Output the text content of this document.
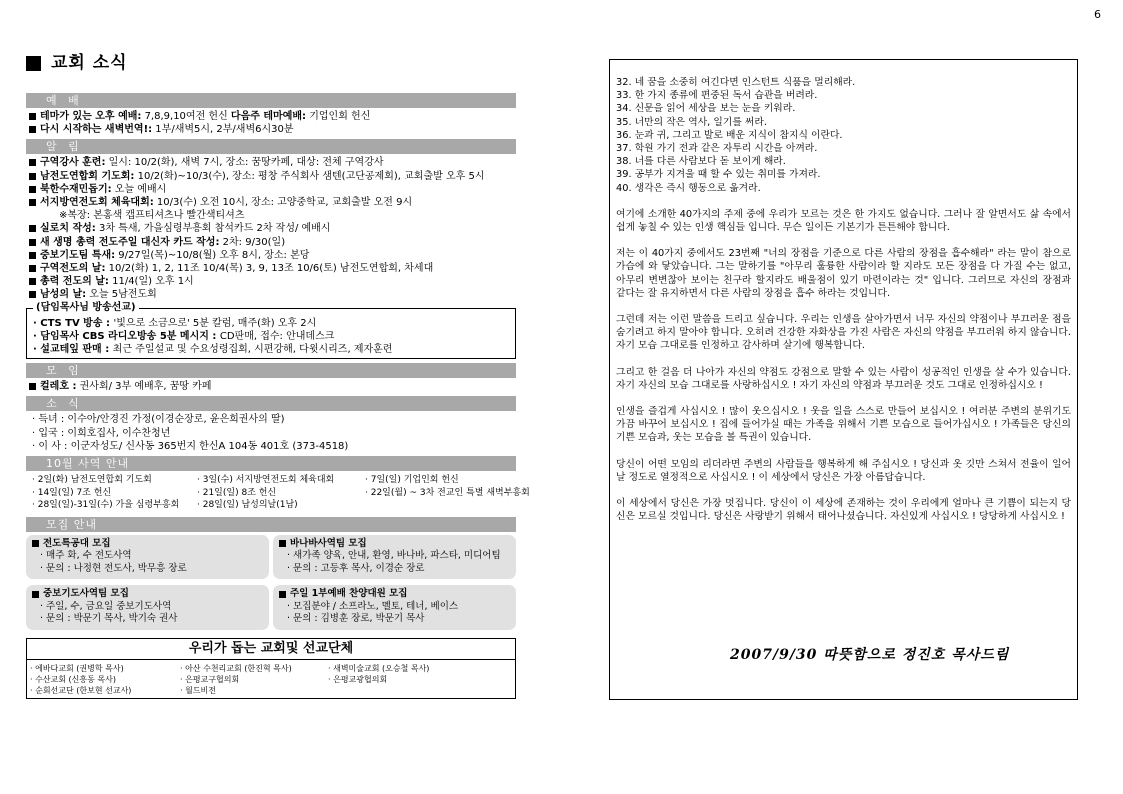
6
교회 소식
예 배
테마가 있는 오후 예배: 7,8,9,10여전 헌신 다음주 테마예배: 기업인회 헌신
다시 시작하는 새벽번역!: 1부/새벽5시, 2부/새벽6시30분
알 림
구역강사 훈련: 일시: 10/2(화), 새벽 7시, 장소: 꿈땅카페, 대상: 전체 구역강사
남전도연합회 기도회: 10/2(화)~10/3(수), 장소: 평창 주식회사 샘텐(고단공제회), 교회출발 오후 5시
북한수재민돕기: 오늘 예배시
서지방연전도회 체육대회: 10/3(수) 오전 10시, 장소: 고양중학교, 교회출발 오전 9시
※복장: 본홍색 캡프티셔츠나 빨간색티셔츠
실로치 작성: 3차 특새, 가을심령부흥회 참석카드 2차 작성/ 예배시
새 생명 총력 전도주일 대신자 카드 작성: 2차: 9/30(일)
중보기도팀 특새: 9/27일(목)~10/8(월) 오후 8시, 장소: 본당
구역전도의 날: 10/2(화) 1, 2, 11조 10/4(목) 3, 9, 13조 10/6(토) 남전도연합회, 차세대
총력 전도의 날: 11/4(일) 오후 1시
남성의 날: 오늘 5남전도회
(담임목사님 방송선교)
· CTS TV 방송 : '빛으로 소금으로' 5분 칼럼, 매주(화) 오후 2시
· 담임목사 CBS 라디오방송 5분 메시지 : CD판매, 접수: 안내데스크
· 설교테잎 판매 : 최근 주일설교 및 수요성령집회, 시편강해, 다윗시리즈, 제자훈련
모 임
컬레호 : 권사회/ 3부 예배후, 꿈땅 카페
소 식
· 득녀 : 이수아/안경진 가정(이경순장로, 윤은희권사의 딸)
· 입국 : 이희호집사, 이수찬청년
· 이 사 : 이군자성도/ 신사동 365번지 한신A 104동 401호 (373-4518)
10월 사역 안내
· 2일(화) 남전도연합회 기도회	· 3일(수) 서지방연전도회 체육대회	· 7일(일) 기업인회 헌신
· 14일(일) 7조 헌신	· 21일(일) 8조 헌신	· 22일(월) ~ 3차 전교인 특별 새벽부흥회
· 28일(일)-31일(수) 가을 심령부흥회	· 28일(일) 남성의날(1남)
모집 안내
전도특공대 모집
· 매주 화, 수 전도사역
· 문의 : 나정현 전도사, 박무흥 장로
바나바사역팀 모집
· 새가족 양육, 안내, 환영, 바나바, 파스타, 미디어팀
· 문의 : 고등후 목사, 이경순 장로
중보기도사역팀 모집
· 주일, 수, 금요일 중보기도사역
· 문의 : 박문기 목사, 박기숙 권사
주일 1부예배 찬양대원 모집
· 모집분야 / 소프라노, 멜토, 테너, 베이스
· 문의 : 김병훈 장로, 박문기 목사
우리가 돕는 교회및 선교단체
· 에바다교회 (권병학 목사)	· 아산 수천리교회 (한진혁 목사)	· 새벽미술교회 (오승철 목사)
· 수산교회 (신흥동 목사)	· 은평교구협의회	· 은평교광협의회
· 순회선교단 (한보현 선교사)	· 월드비전
32. 네 꿈을 소중히 여긴다면 인스턴트 식품을 멀리해라.
33. 한 가지 종류에 편중된 독서 습관을 버려라.
34. 신문을 읽어 세상을 보는 눈을 키워라.
35. 너만의 작은 역사, 일기를 써라.
36. 눈과 귀, 그리고 발로 배운 지식이 참지식 이란다.
37. 학원 가기 전과 같은 자투리 시간을 아껴라.
38. 너를 다른 사람보다 돋 보이게 해라.
39. 공부가 지겨울 때 할 수 있는 취미를 가져라.
40. 생각은 즉시 행동으로 옮겨라.

여기에 소개한 40가지의 주제 중에 우리가 모르는 것은 한 가지도 없습니다. 그러나 잘 알면서도 삶 속에서 쉽게 놓칠 수 있는 인생 핵심들 입니다. 무슨 일이든 기본기가 튼튼해야 합니다.

저는 이 40가지 중에서도 23번째 "너의 장점을 기준으로 다른 사람의 장점을 흡수해라" 라는 말이 참으로 가슴에 와 닿았습니다. 그는 말하기를 "아무리 훌륭한 사람이라 할 지라도 모든 장점을 다 가질 수는 없고, 아무리 변변찮아 보이는 친구라 할지라도 배울점이 있기 마련이라는 것" 입니다. 그러므로 자신의 장점과 같다는 잘 유지하면서 다른 사람의 장점을 흡수 하라는 것입니다.

그런데 저는 이런 말씀을 드리고 싶습니다. 우리는 인생을 살아가면서 너무 자신의 약점이나 부끄러운 점을 숨기려고 하지 말아야 합니다. 오히려 건강한 자화상을 가진 사람은 자신의 약점을 부끄러워 하지 않습니다. 자기 모습 그대로를 인정하고 감사하며 살기에 행복합니다.

그리고 한 걸음 더 나아가 자신의 약점도 강점으로 말할 수 있는 사람이 성공적인 인생을 살 수가 있습니다. 자기 자신의 모습 그대로를 사랑하십시오 ! 자기 자신의 약점과 부끄러운 것도 그대로 인정하십시오 !

인생을 즐겁게 사십시오 ! 많이 웃으십시오 ! 웃을 일을 스스로 만들어 보십시오 ! 여러분 주변의 분위기도 가끔 바꾸어 보십시오 ! 집에 들어가실 때는 가족을 위해서 기쁜 모습으로 들어가십시오 ! 가족들은 당신의 기쁜 모습과, 웃는 모습을 볼 특권이 있습니다.

당신이 어떤 모임의 리더라면 주변의 사람들을 행복하게 해 주십시오 ! 당신과 옷 깃만 스쳐서 전율이 일어날 정도로 열정적으로 사십시오 ! 이 세상에서 당신은 가장 아름답습니다.

이 세상에서 당신은 가장 멋집니다. 당신이 이 세상에 존재하는 것이 우리에게 얼마나 큰 기쁨이 되는지 당신은 모르실 것입니다. 당신은 사랑받기 위해서 태어나셨습니다. 자신있게 사십시오 ! 당당하게 사십시오 !

2007/9/30 따뜻함으로 정진호 목사드림
